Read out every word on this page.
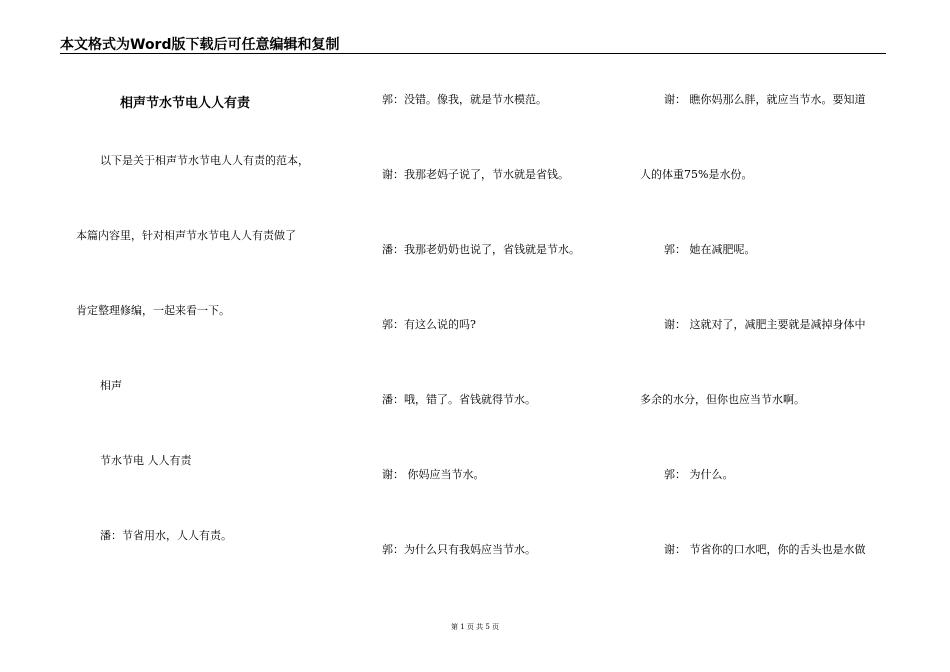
本文格式为Word版下载后可任意编辑和复制
相声节水节电人人有责
以下是关于相声节水节电人人有责的范本，
本篇内容里，针对相声节水节电人人有责做了
肯定整理修编，一起来看一下。
相声
节水节电 人人有责
潘：节省用水，人人有责。
郭：没错。像我，就是节水模范。
谢：我那老妈子说了，节水就是省钱。
潘：我那老奶奶也说了，省钱就是节水。
郭：有这么说的吗?
潘：哦，错了。省钱就得节水。
谢： 你妈应当节水。
郭：为什么只有我妈应当节水。
谢： 瞧你妈那么胖，就应当节水。要知道
人的体重75%是水份。
郭： 她在减肥呢。
谢： 这就对了，减肥主要就是减掉身体中
多余的水分，但你也应当节水啊。
郭： 为什么。
谢： 节省你的口水吧，你的舌头也是水做
第 1 页 共 5 页
